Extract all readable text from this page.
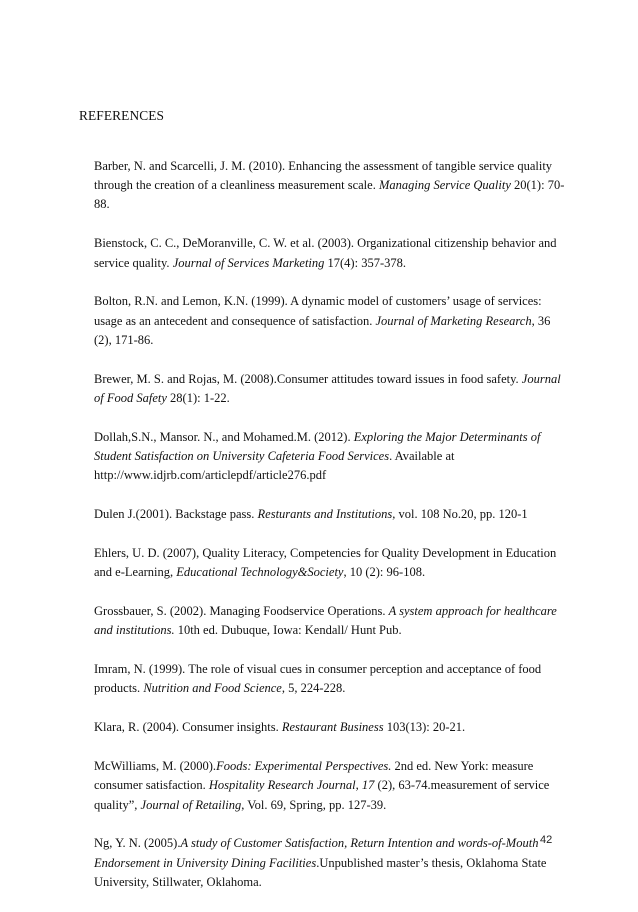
REFERENCES

Barber, N. and Scarcelli, J. M. (2010). Enhancing the assessment of tangible service quality through the creation of a cleanliness measurement scale. Managing Service Quality 20(1): 70-88.

Bienstock, C. C., DeMoranville, C. W. et al. (2003). Organizational citizenship behavior and service quality. Journal of Services Marketing 17(4): 357-378.

Bolton, R.N. and Lemon, K.N. (1999). A dynamic model of customers’ usage of services: usage as an antecedent and consequence of satisfaction. Journal of Marketing Research, 36 (2), 171-86.

Brewer, M. S. and Rojas, M. (2008).Consumer attitudes toward issues in food safety. Journal of Food Safety 28(1): 1-22.

Dollah,S.N., Mansor. N., and Mohamed.M. (2012). Exploring the Major Determinants of Student Satisfaction on University Cafeteria Food Services. Available at http://www.idjrb.com/articlepdf/article276.pdf

Dulen J.(2001). Backstage pass. Resturants and Institutions, vol. 108 No.20, pp. 120-1

Ehlers, U. D. (2007), Quality Literacy, Competencies for Quality Development in Education and e-Learning, Educational Technology&Society, 10 (2): 96-108.

Grossbauer, S. (2002). Managing Foodservice Operations. A system approach for healthcare and institutions. 10th ed. Dubuque, Iowa: Kendall/ Hunt Pub.

Imram, N. (1999). The role of visual cues in consumer perception and acceptance of food products. Nutrition and Food Science, 5, 224-228.

Klara, R. (2004). Consumer insights. Restaurant Business 103(13): 20-21.

McWilliams, M. (2000).Foods: Experimental Perspectives. 2nd ed. New York: measure consumer satisfaction. Hospitality Research Journal, 17 (2), 63-74.measurement of service quality”, Journal of Retailing, Vol. 69, Spring, pp. 127-39.

Ng, Y. N. (2005).A study of Customer Satisfaction, Return Intention and words-of-Mouth Endorsement in University Dining Facilities.Unpublished master’s thesis, Oklahoma State University, Stillwater, Oklahoma.

42
